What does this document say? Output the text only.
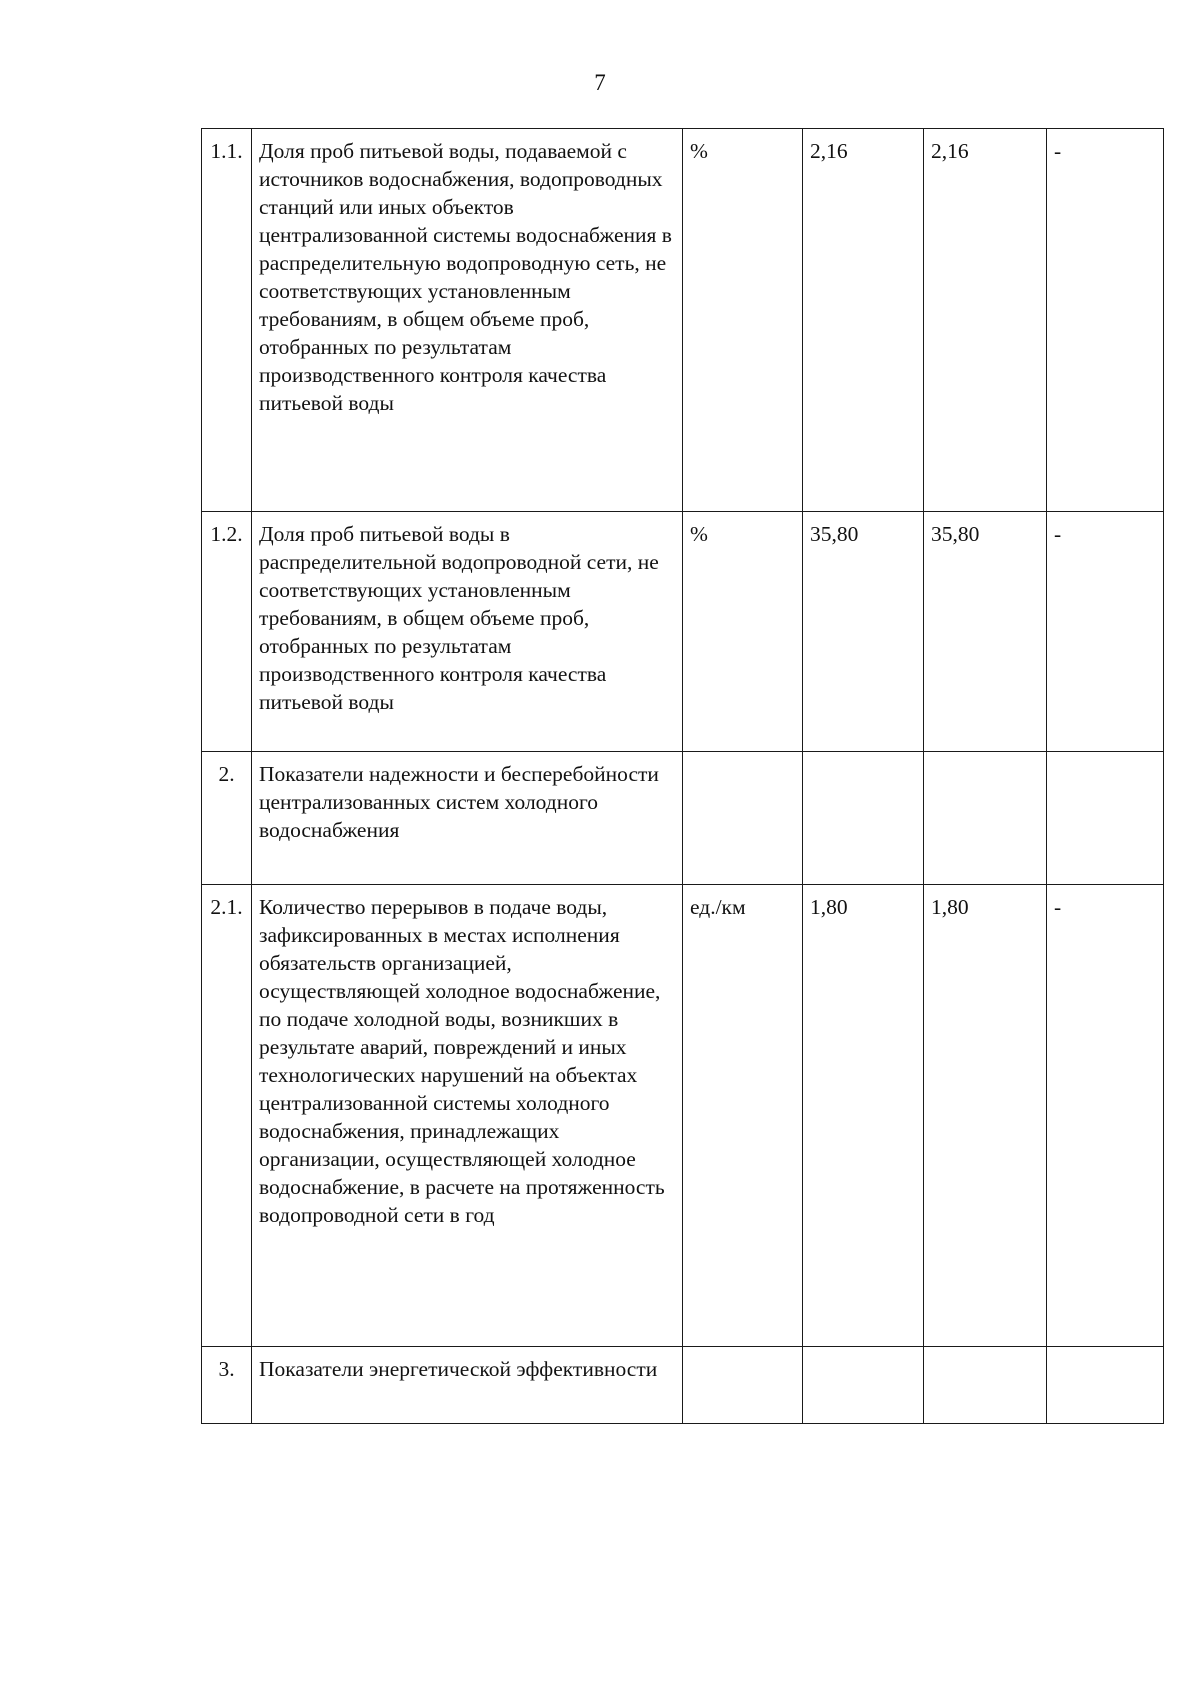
7
1.1.	Доля проб питьевой воды, подаваемой с источников водоснабжения, водопроводных станций или иных объектов централизованной системы водоснабжения в распределительную водопроводную сеть, не соответствующих установленным требованиям, в общем объеме проб, отобранных по результатам производственного контроля качества питьевой воды	%	2,16	2,16	-
1.2.	Доля проб питьевой воды в распределительной водопроводной сети, не соответствующих установленным требованиям, в общем объеме проб, отобранных по результатам производственного контроля качества питьевой воды	%	35,80	35,80	-
2.	Показатели надежности и бесперебойности централизованных систем холодного водоснабжения				
2.1.	Количество перерывов в подаче воды, зафиксированных в местах исполнения обязательств организацией, осуществляющей холодное водоснабжение, по подаче холодной воды, возникших в результате аварий, повреждений и иных технологических нарушений на объектах централизованной системы холодного водоснабжения, принадлежащих организации, осуществляющей холодное водоснабжение, в расчете на протяженность водопроводной сети в год	ед./км	1,80	1,80	-
3.	Показатели энергетической эффективности				
